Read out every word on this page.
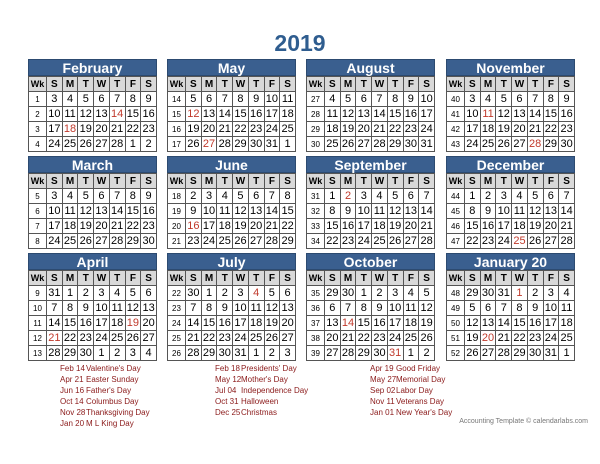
2019
February
Wk	S	M	T	W	T	F	S
1	3	4	5	6	7	8	9
2	10	11	12	13	14	15	16
3	17	18	19	20	21	22	23
4	24	25	26	27	28	1	2
May
Wk	S	M	T	W	T	F	S
14	5	6	7	8	9	10	11
15	12	13	14	15	16	17	18
16	19	20	21	22	23	24	25
17	26	27	28	29	30	31	1
August
Wk	S	M	T	W	T	F	S
27	4	5	6	7	8	9	10
28	11	12	13	14	15	16	17
29	18	19	20	21	22	23	24
30	25	26	27	28	29	30	31
November
Wk	S	M	T	W	T	F	S
40	3	4	5	6	7	8	9
41	10	11	12	13	14	15	16
42	17	18	19	20	21	22	23
43	24	25	26	27	28	29	30
March
Wk	S	M	T	W	T	F	S
5	3	4	5	6	7	8	9
6	10	11	12	13	14	15	16
7	17	18	19	20	21	22	23
8	24	25	26	27	28	29	30
June
Wk	S	M	T	W	T	F	S
18	2	3	4	5	6	7	8
19	9	10	11	12	13	14	15
20	16	17	18	19	20	21	22
21	23	24	25	26	27	28	29
September
Wk	S	M	T	W	T	F	S
31	1	2	3	4	5	6	7
32	8	9	10	11	12	13	14
33	15	16	17	18	19	20	21
34	22	23	24	25	26	27	28
December
Wk	S	M	T	W	T	F	S
44	1	2	3	4	5	6	7
45	8	9	10	11	12	13	14
46	15	16	17	18	19	20	21
47	22	23	24	25	26	27	28
April
Wk	S	M	T	W	T	F	S
9	31	1	2	3	4	5	6
10	7	8	9	10	11	12	13
11	14	15	16	17	18	19	20
12	21	22	23	24	25	26	27
13	28	29	30	1	2	3	4
July
Wk	S	M	T	W	T	F	S
22	30	1	2	3	4	5	6
23	7	8	9	10	11	12	13
24	14	15	16	17	18	19	20
25	21	22	23	24	25	26	27
26	28	29	30	31	1	2	3
October
Wk	S	M	T	W	T	F	S
35	29	30	1	2	3	4	5
36	6	7	8	9	10	11	12
37	13	14	15	16	17	18	19
38	20	21	22	23	24	25	26
39	27	28	29	30	31	1	2
January 20
Wk	S	M	T	W	T	F	S
48	29	30	31	1	2	3	4
49	5	6	7	8	9	10	11
50	12	13	14	15	16	17	18
51	19	20	21	22	23	24	25
52	26	27	28	29	30	31	1
Feb 14Valentine's Day
Apr 21 Easter Sunday
Jun 16 Father's Day
Oct 14 Columbus Day
Nov 28Thanksgiving Day
Jan 20 M L King Day
Feb 18Presidents' Day
May 12Mother's Day
Jul 04 Independence Day
Oct 31 Halloween
Dec 25Christmas
Apr 19 Good Friday
May 27Memorial Day
Sep 02Labor Day
Nov 11Veterans Day
Jan 01 New Year's Day
Accounting Template © calendarlabs.com
